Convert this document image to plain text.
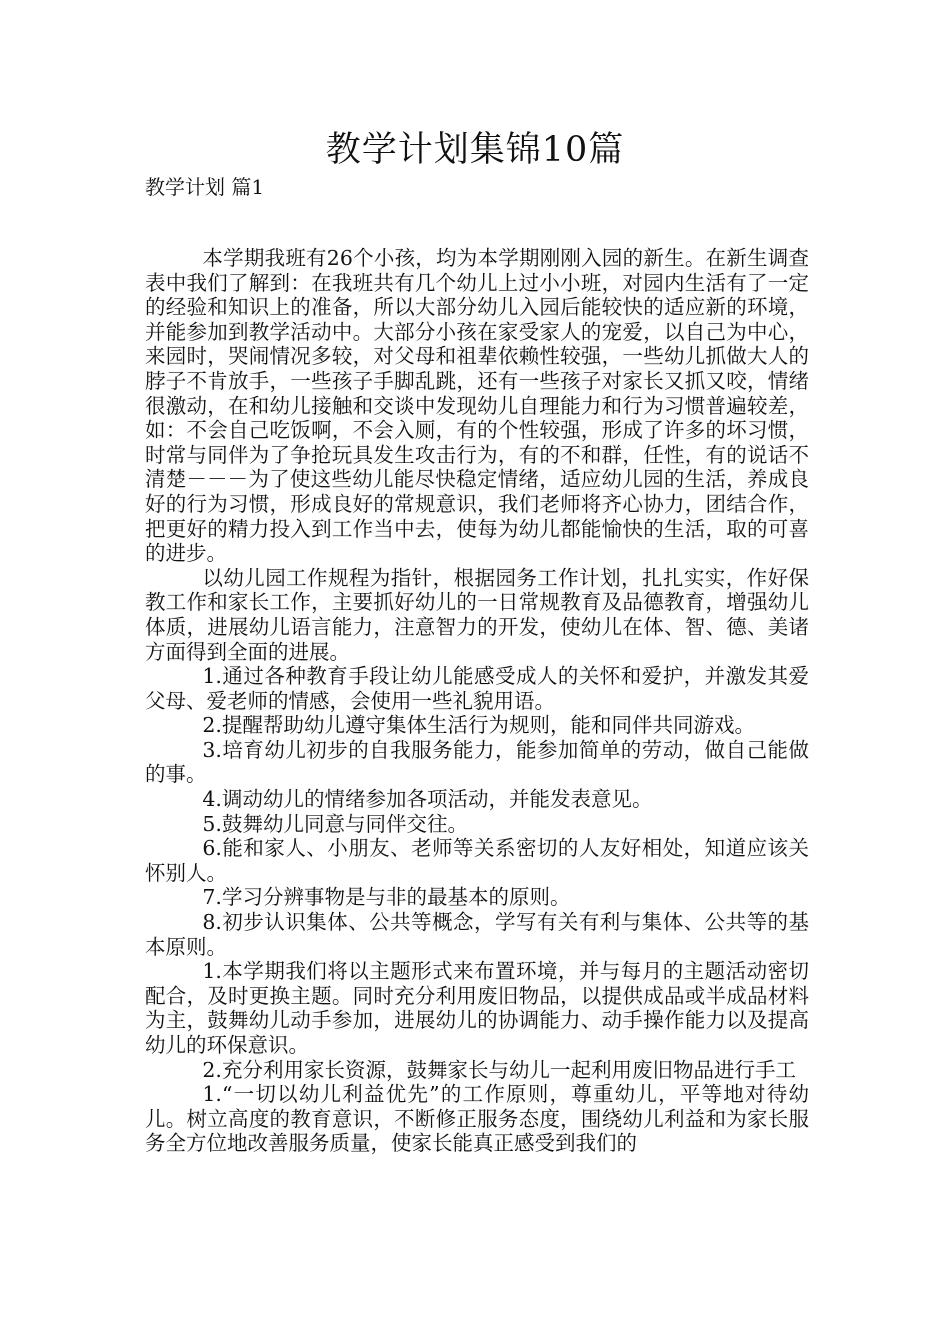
教学计划集锦10篇
教学计划 篇1

本学期我班有26个小孩，均为本学期刚刚入园的新生。在新生调查表中我们了解到：在我班共有几个幼儿上过小小班，对园内生活有了一定的经验和知识上的准备，所以大部分幼儿入园后能较快的适应新的环境，并能参加到教学活动中。大部分小孩在家受家人的宠爱，以自己为中心，来园时，哭闹情况多较，对父母和祖辈依赖性较强，一些幼儿抓做大人的脖子不肯放手，一些孩子手脚乱跳，还有一些孩子对家长又抓又咬，情绪很激动，在和幼儿接触和交谈中发现幼儿自理能力和行为习惯普遍较差，如：不会自己吃饭啊，不会入厕，有的个性较强，形成了许多的坏习惯，时常与同伴为了争抢玩具发生攻击行为，有的不和群，任性，有的说话不清楚－－－为了使这些幼儿能尽快稳定情绪，适应幼儿园的生活，养成良好的行为习惯，形成良好的常规意识，我们老师将齐心协力，团结合作，把更好的精力投入到工作当中去，使每为幼儿都能愉快的生活，取的可喜的进步。

以幼儿园工作规程为指针，根据园务工作计划，扎扎实实，作好保教工作和家长工作，主要抓好幼儿的一日常规教育及品德教育，增强幼儿体质，进展幼儿语言能力，注意智力的开发，使幼儿在体、智、德、美诸方面得到全面的进展。

1.通过各种教育手段让幼儿能感受成人的关怀和爱护，并激发其爱父母、爱老师的情感，会使用一些礼貌用语。

2.提醒帮助幼儿遵守集体生活行为规则，能和同伴共同游戏。

3.培育幼儿初步的自我服务能力，能参加简单的劳动，做自己能做的事。

4.调动幼儿的情绪参加各项活动，并能发表意见。

5.鼓舞幼儿同意与同伴交往。

6.能和家人、小朋友、老师等关系密切的人友好相处，知道应该关怀别人。

7.学习分辨事物是与非的最基本的原则。

8.初步认识集体、公共等概念，学写有关有利与集体、公共等的基本原则。

1.本学期我们将以主题形式来布置环境，并与每月的主题活动密切配合，及时更换主题。同时充分利用废旧物品，以提供成品或半成品材料为主，鼓舞幼儿动手参加，进展幼儿的协调能力、动手操作能力以及提高幼儿的环保意识。

2.充分利用家长资源，鼓舞家长与幼儿一起利用废旧物品进行手工

1.“一切以幼儿利益优先”的工作原则，尊重幼儿，平等地对待幼儿。树立高度的教育意识，不断修正服务态度，围绕幼儿利益和为家长服务全方位地改善服务质量，使家长能真正感受到我们的
